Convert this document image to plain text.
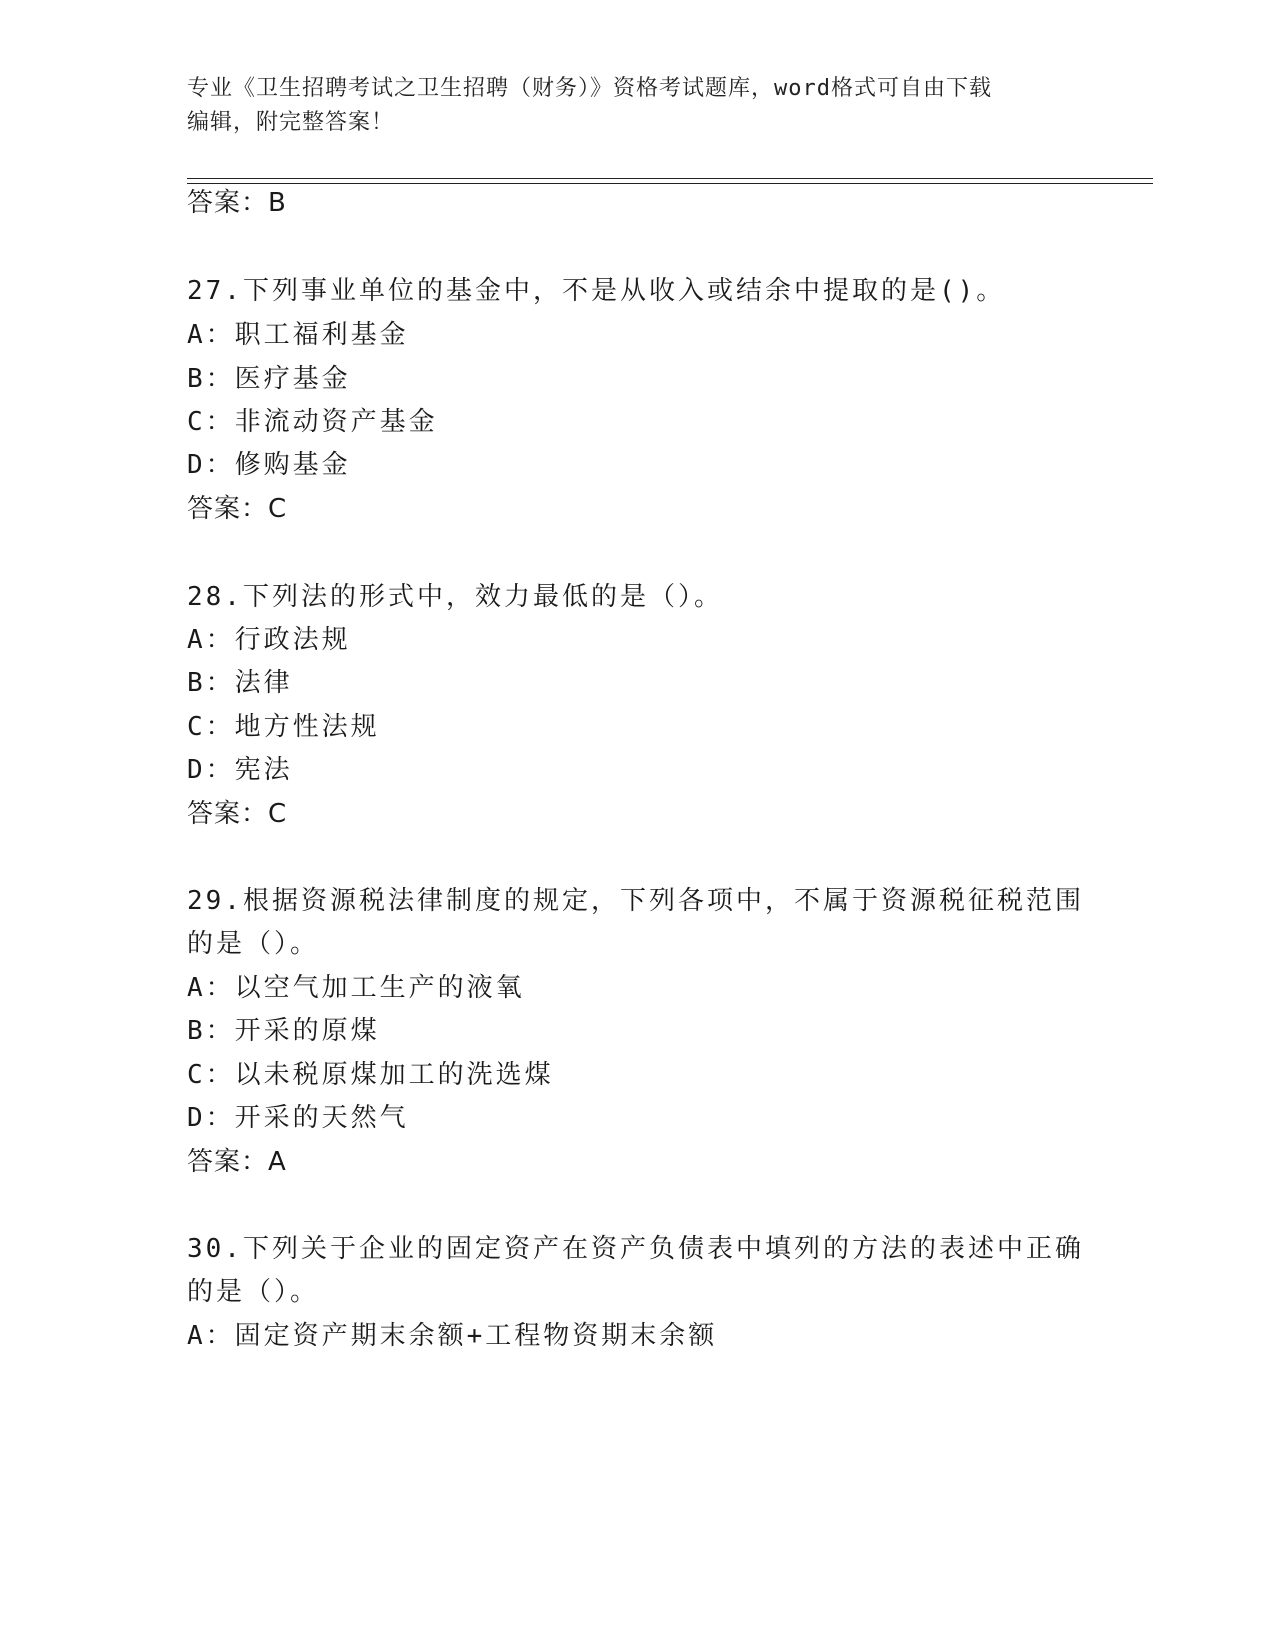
专业《卫生招聘考试之卫生招聘（财务）》资格考试题库，word格式可自由下载
编辑，附完整答案！
答案：B
27.下列事业单位的基金中，不是从收入或结余中提取的是()。
A：职工福利基金
B：医疗基金
C：非流动资产基金
D：修购基金
答案：C
28.下列法的形式中，效力最低的是（）。
A：行政法规
B：法律
C：地方性法规
D：宪法
答案：C
29.根据资源税法律制度的规定，下列各项中，不属于资源税征税范围
的是（）。
A：以空气加工生产的液氧
B：开采的原煤
C：以未税原煤加工的洗选煤
D：开采的天然气
答案：A
30.下列关于企业的固定资产在资产负债表中填列的方法的表述中正确
的是（）。
A：固定资产期末余额+工程物资期末余额
